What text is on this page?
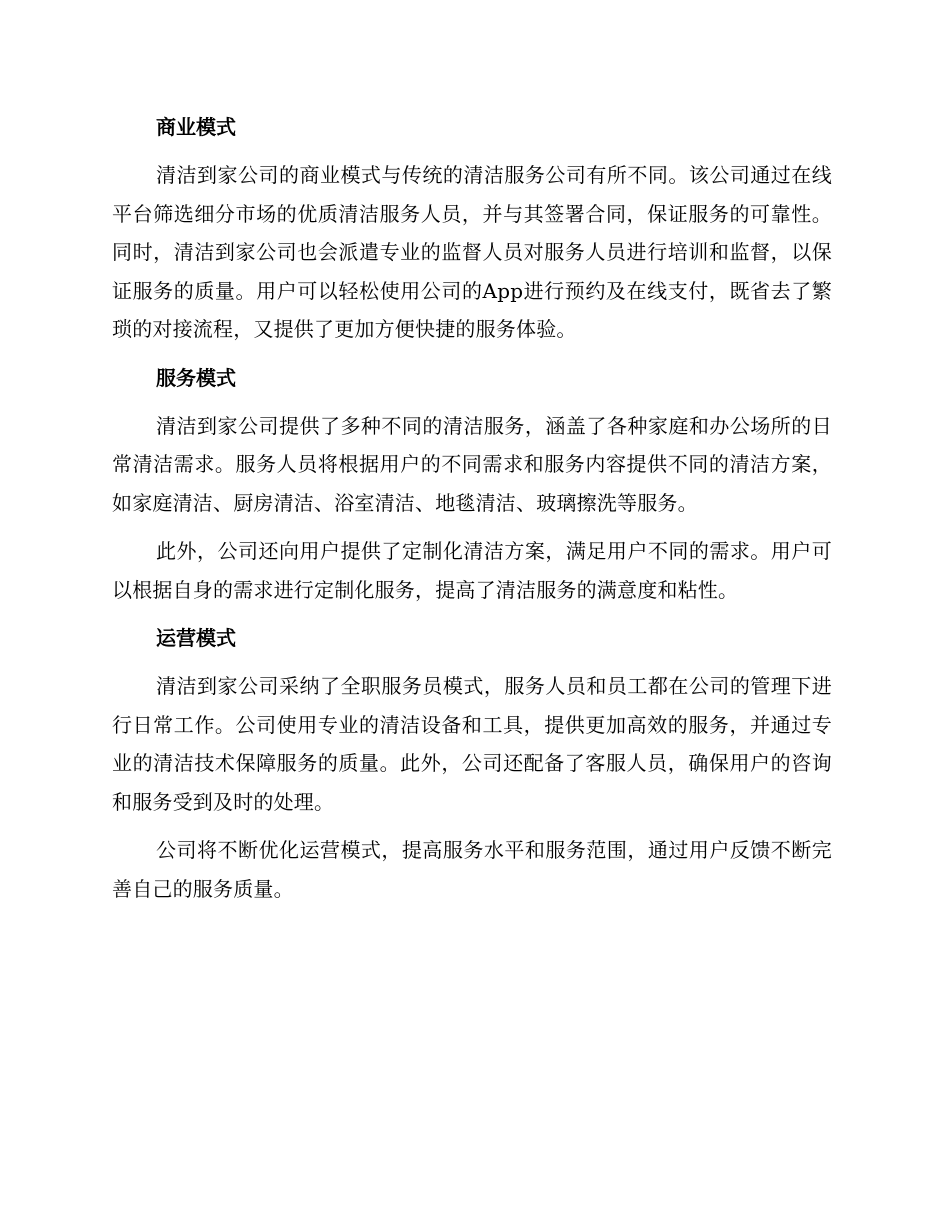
商业模式

清洁到家公司的商业模式与传统的清洁服务公司有所不同。该公司通过在线平台筛选细分市场的优质清洁服务人员，并与其签署合同，保证服务的可靠性。同时，清洁到家公司也会派遣专业的监督人员对服务人员进行培训和监督，以保证服务的质量。用户可以轻松使用公司的App进行预约及在线支付，既省去了繁琐的对接流程，又提供了更加方便快捷的服务体验。

服务模式

清洁到家公司提供了多种不同的清洁服务，涵盖了各种家庭和办公场所的日常清洁需求。服务人员将根据用户的不同需求和服务内容提供不同的清洁方案，如家庭清洁、厨房清洁、浴室清洁、地毯清洁、玻璃擦洗等服务。

此外，公司还向用户提供了定制化清洁方案，满足用户不同的需求。用户可以根据自身的需求进行定制化服务，提高了清洁服务的满意度和粘性。

运营模式

清洁到家公司采纳了全职服务员模式，服务人员和员工都在公司的管理下进行日常工作。公司使用专业的清洁设备和工具，提供更加高效的服务，并通过专业的清洁技术保障服务的质量。此外，公司还配备了客服人员，确保用户的咨询和服务受到及时的处理。

公司将不断优化运营模式，提高服务水平和服务范围，通过用户反馈不断完善自己的服务质量。
